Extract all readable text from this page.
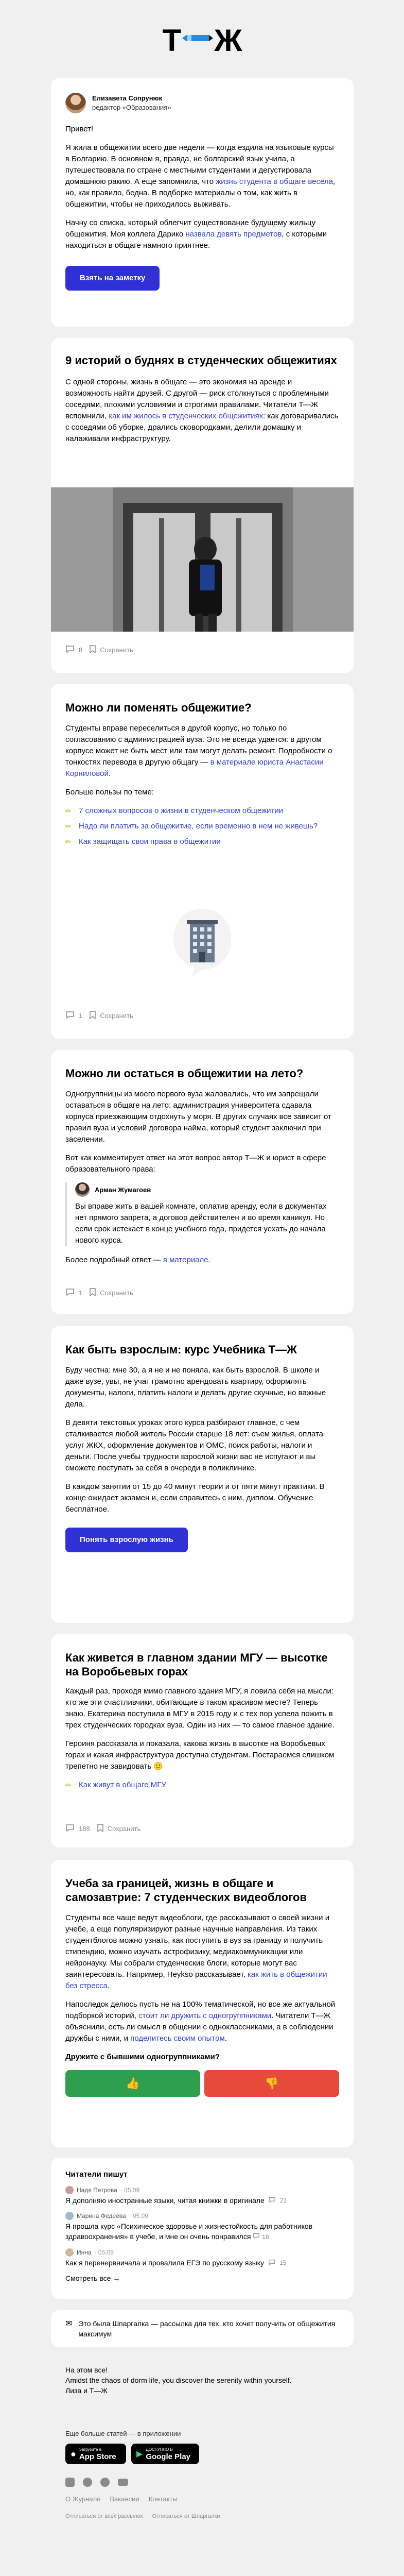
Т Ж
Елизавета Сопрунюк
редактор «Образования»
Привет!
Я жила в общежитии всего две недели — когда ездила на языковые курсы в Болгарию. В основном я, правда, не болгарский язык учила, а путешествовала по стране с местными студентами и дегустировала домашнюю ракию. А еще запомнила, что жизнь студента в общаге весела, но, как правило, бедна. В подборке материалы о том, как жить в общежитии, чтобы не приходилось выживать.
Начну со списка, который облегчит существование будущему жильцу общежития. Моя коллега Дарико назвала девять предметов, с которыми находиться в общаге намного приятнее.
Взять на заметку
9 историй о буднях в студенческих общежитиях
С одной стороны, жизнь в общаге — это экономия на аренде и возможность найти друзей. С другой — риск столкнуться с проблемными соседями, плохими условиями и строгими правилами. Читатели Т—Ж вспомнили, как им жилось в студенческих общежитиях: как договаривались с соседями об уборке, дрались сковородками, делили домашку и налаживали инфраструктуру.
8	Сохранить
Можно ли поменять общежитие?
Студенты вправе переселиться в другой корпус, но только по согласованию с администрацией вуза. Это не всегда удается: в другом корпусе может не быть мест или там могут делать ремонт. Подробности о тонкостях перевода в другую общагу — в материале юриста Анастасии Корниловой.
Больше пользы по теме:
✏ 7 сложных вопросов о жизни в студенческом общежитии
✏ Надо ли платить за общежитие, если временно в нем не живешь?
✏ Как защищать свои права в общежитии
1	Сохранить
Можно ли остаться в общежитии на лето?
Одногруппницы из моего первого вуза жаловались, что им запрещали оставаться в общаге на лето: администрация университета сдавала корпуса приезжающим отдохнуть у моря. В других случаях все зависит от правил вуза и условий договора найма, который студент заключил при заселении.
Вот как комментирует ответ на этот вопрос автор Т—Ж и юрист в сфере образовательного права:
Арман Жумагоев
Вы вправе жить в вашей комнате, оплатив аренду, если в документах нет прямого запрета, а договор действителен и во время каникул. Но если срок истекает в конце учебного года, придется уехать до начала нового курса.
Более подробный ответ — в материале.
1	Сохранить
Как быть взрослым: курс Учебника Т—Ж
Буду честна: мне 30, а я не и не поняла, как быть взрослой. В школе и даже вузе, увы, не учат грамотно арендовать квартиру, оформлять документы, налоги, платить налоги и делать другие скучные, но важные дела.
В девяти текстовых уроках этого курса разбирают главное, с чем сталкивается любой житель России старше 18 лет: съем жилья, оплата услуг ЖКХ, оформление документов и ОМС, поиск работы, налоги и деньги. После учебы трудности взрослой жизни вас не испугают и вы сможете поступать за себя в очереди в поликлинике.
В каждом занятии от 15 до 40 минут теории и от пяти минут практики. В конце ожидает экзамен и, если справитесь с ним, диплом. Обучение бесплатное.
Понять взрослую жизнь
Как живется в главном здании МГУ — высотке на Воробьевых горах
Каждый раз, проходя мимо главного здания МГУ, я ловила себя на мысли: кто же эти счастливчики, обитающие в таком красивом месте? Теперь знаю. Екатерина поступила в МГУ в 2015 году и с тех пор успела пожить в трех студенческих городках вуза. Один из них — то самое главное здание.
Героиня рассказала и показала, какова жизнь в высотке на Воробьевых горах и какая инфраструктура доступна студентам. Постараемся слишком трепетно не завидовать 🙂
✏ Как живут в общаге МГУ
188	Сохранить
Учеба за границей, жизнь в общаге и самозавтрие: 7 студенческих видеоблогов
Студенты все чаще ведут видеоблоги, где рассказывают о своей жизни и учебе, а еще популяризируют разные научные направления. Из таких студентблогов можно узнать, как поступить в вуз за границу и получить стипендию, можно изучать астрофизику, медиакоммуникации или нейронауку. Мы собрали студенческие блоги, которые могут вас заинтересовать. Например, Heykso рассказывает, как жить в общежитии без стресса.
Напоследок делюсь пусть не на 100% тематической, но все же актуальной подборкой историй, стоит ли дружить с одногруппниками. Читатели Т—Ж объяснили, есть ли смысл в общении с одноклассниками, а в соблюдении дружбы с ними, и поделитесь своим опытом.
Дружите с бывшими одногруппниками?
👍	👎
Читатели пишут
Надя Петрова · 05.09
Я дополняю иностранные языки, читая книжки в оригинале	21
Марина Федеева · 05.09
Я прошла курс «Психическое здоровье и жизнестойкость для работников здравоохранения» в учебе, и мне он очень понравился 18
Инна · 05.09
Как я перенервничала и провалила ЕГЭ по русскому языку	15
Смотреть все →
✉ Это была Шпаргалка — рассылка для тех, кто хочет получить от общежития максимум
На этом все!
Amidst the chaos of dorm life, you discover the serenity within yourself.
Лиза и Т—Ж
Еще больше статей — в приложении
● Загрузите в
App Store ▶
ДОСТУПНО В
Google Play
О Журнале Вакансии Контакты
Отписаться от всех рассылок Отписаться от Шпаргалки
